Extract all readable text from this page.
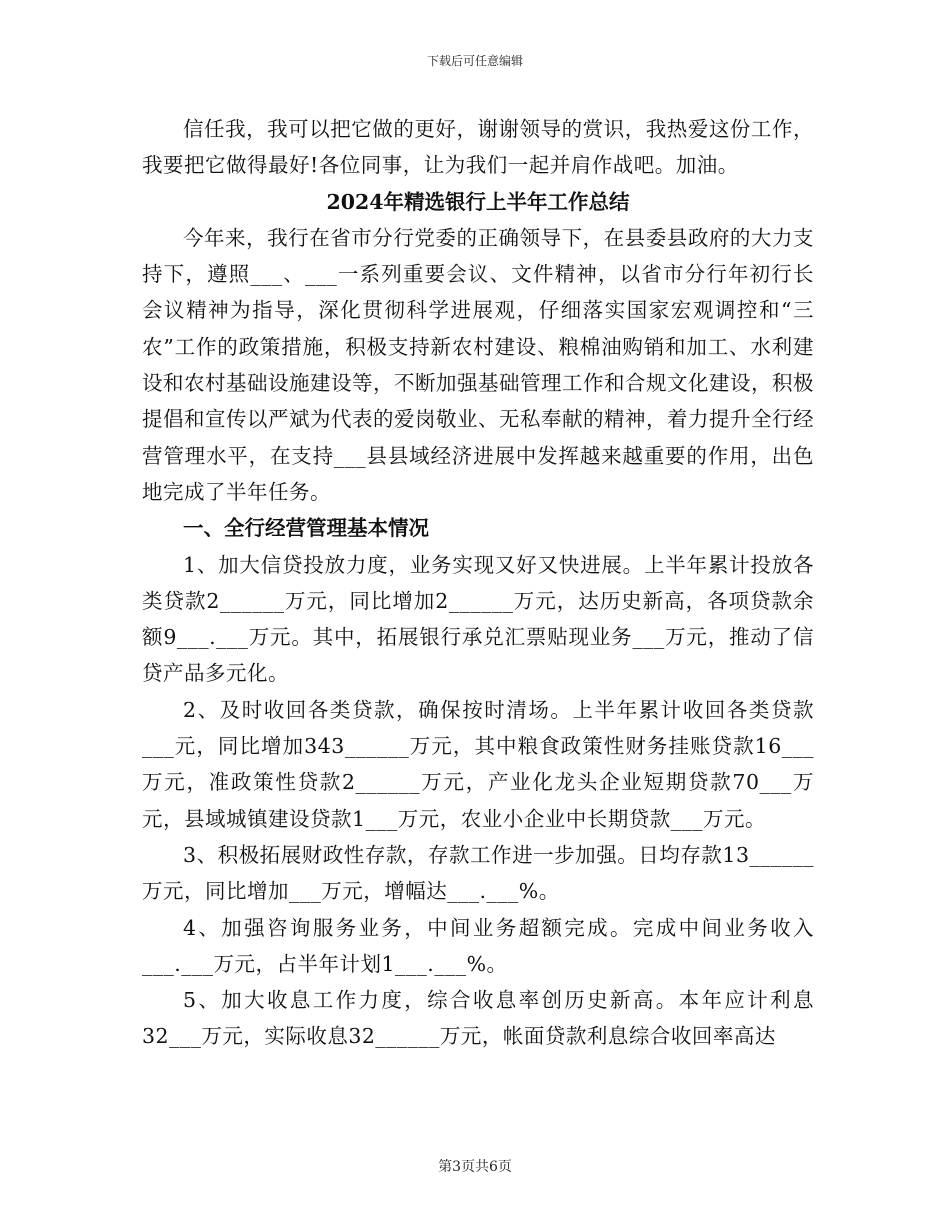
下载后可任意编辑

信任我，我可以把它做的更好，谢谢领导的赏识，我热爱这份工作，我要把它做得最好!各位同事，让为我们一起并肩作战吧。加油。

2024年精选银行上半年工作总结

今年来，我行在省市分行党委的正确领导下，在县委县政府的大力支持下，遵照___、___一系列重要会议、文件精神，以省市分行年初行长会议精神为指导，深化贯彻科学进展观，仔细落实国家宏观调控和“三农”工作的政策措施，积极支持新农村建设、粮棉油购销和加工、水利建设和农村基础设施建设等，不断加强基础管理工作和合规文化建设，积极提倡和宣传以严斌为代表的爱岗敬业、无私奉献的精神，着力提升全行经营管理水平，在支持___县县域经济进展中发挥越来越重要的作用，出色地完成了半年任务。

一、全行经营管理基本情况

1、加大信贷投放力度，业务实现又好又快进展。上半年累计投放各类贷款2______万元，同比增加2______万元，达历史新高，各项贷款余额9___.___万元。其中，拓展银行承兑汇票贴现业务___万元，推动了信贷产品多元化。

2、及时收回各类贷款，确保按时清场。上半年累计收回各类贷款___元，同比增加343______万元，其中粮食政策性财务挂账贷款16___万元，准政策性贷款2______万元，产业化龙头企业短期贷款70___万元，县域城镇建设贷款1___万元，农业小企业中长期贷款___万元。

3、积极拓展财政性存款，存款工作进一步加强。日均存款13______万元，同比增加___万元，增幅达___.___%。

4、加强咨询服务业务，中间业务超额完成。完成中间业务收入___.___万元，占半年计划1___.___%。

5、加大收息工作力度，综合收息率创历史新高。本年应计利息32___万元，实际收息32______万元，帐面贷款利息综合收回率高达

第3页共6页
